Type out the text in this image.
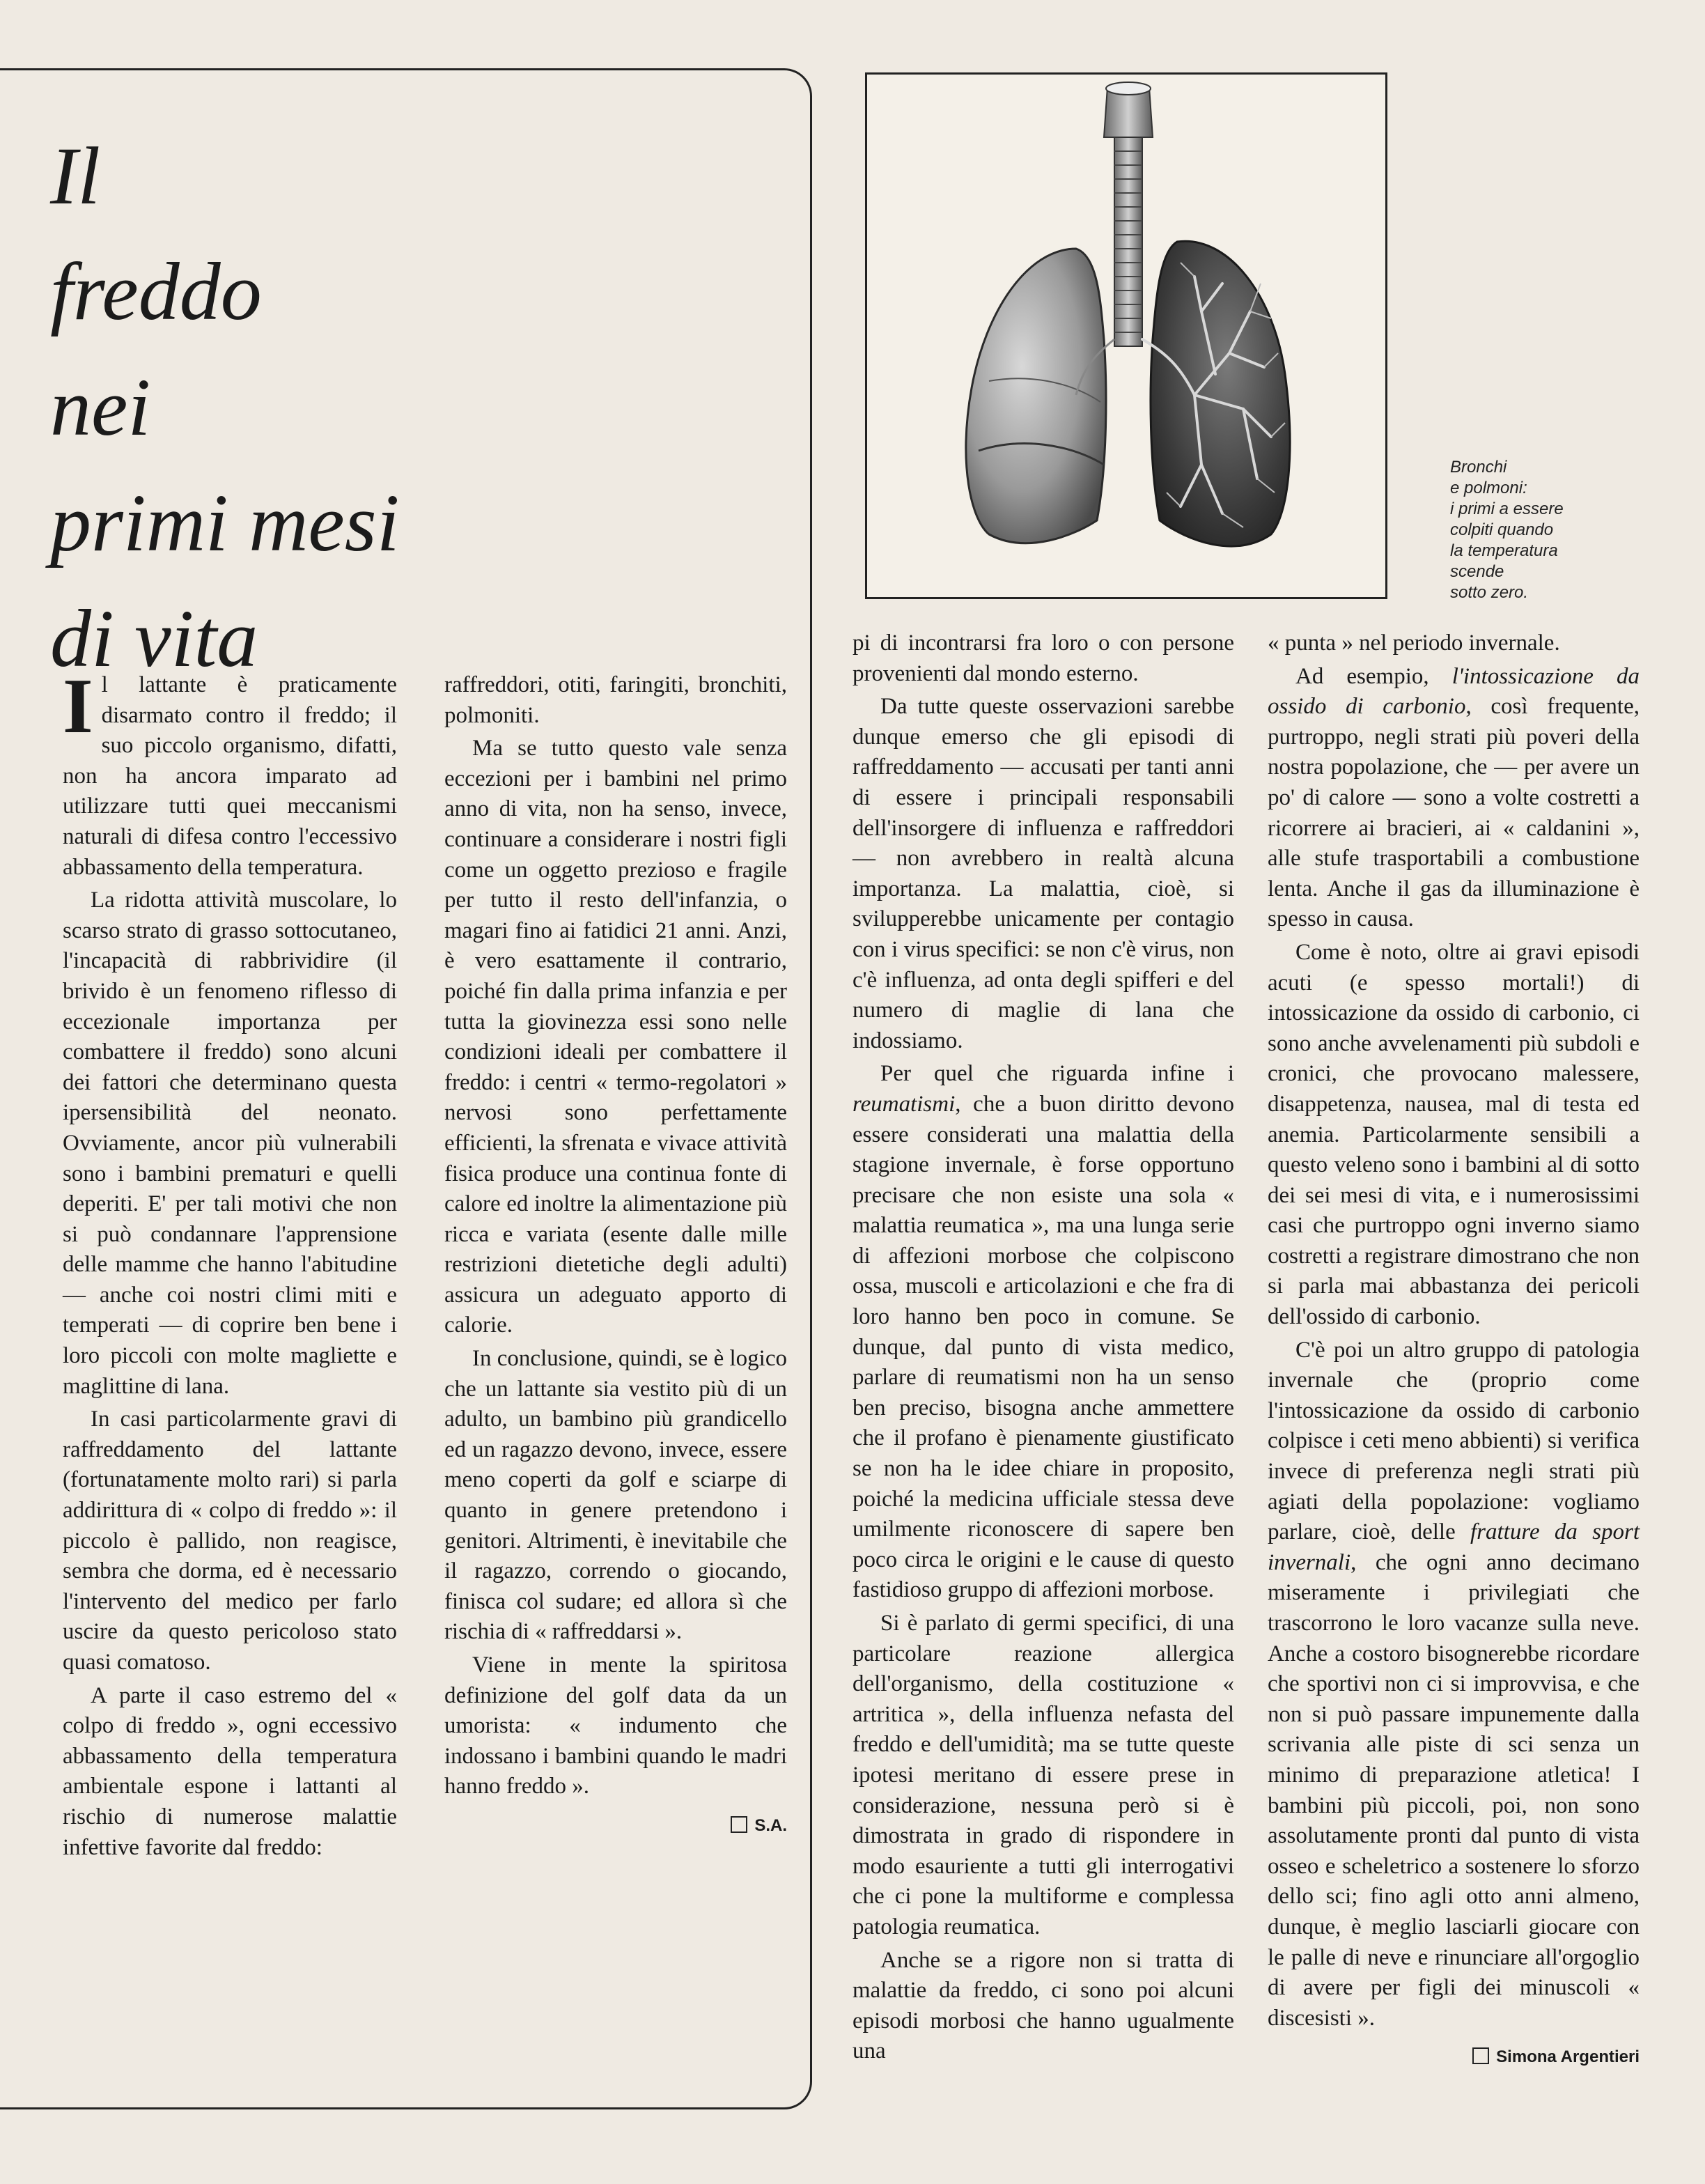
Il
freddo
nei
primi mesi
di vita
Bronchi
e polmoni:
i primi a essere
colpiti quando
la temperatura
scende
sotto zero.

Il lattante è praticamente disarmato contro il freddo; il suo piccolo organismo, difatti, non ha ancora imparato ad utilizzare tutti quei meccanismi naturali di difesa contro l'eccessivo abbassamento della temperatura.

La ridotta attività muscolare, lo scarso strato di grasso sottocutaneo, l'incapacità di rabbrividire (il brivido è un fenomeno riflesso di eccezionale importanza per combattere il freddo) sono alcuni dei fattori che determinano questa ipersensibilità del neonato. Ovviamente, ancor più vulnerabili sono i bambini prematuri e quelli deperiti. E' per tali motivi che non si può condannare l'apprensione delle mamme che hanno l'abitudine — anche coi nostri climi miti e temperati — di coprire ben bene i loro piccoli con molte magliette e maglittine di lana.

In casi particolarmente gravi di raffreddamento del lattante (fortunatamente molto rari) si parla addirittura di « colpo di freddo »: il piccolo è pallido, non reagisce, sembra che dorma, ed è necessario l'intervento del medico per farlo uscire da questo pericoloso stato quasi comatoso.

A parte il caso estremo del « colpo di freddo », ogni eccessivo abbassamento della temperatura ambientale espone i lattanti al rischio di numerose malattie infettive favorite dal freddo:

raffreddori, otiti, faringiti, bronchiti, polmoniti.

Ma se tutto questo vale senza eccezioni per i bambini nel primo anno di vita, non ha senso, invece, continuare a considerare i nostri figli come un oggetto prezioso e fragile per tutto il resto dell'infanzia, o magari fino ai fatidici 21 anni. Anzi, è vero esattamente il contrario, poiché fin dalla prima infanzia e per tutta la giovinezza essi sono nelle condizioni ideali per combattere il freddo: i centri « termo-regolatori » nervosi sono perfettamente efficienti, la sfrenata e vivace attività fisica produce una continua fonte di calore ed inoltre la alimentazione più ricca e variata (esente dalle mille restrizioni dietetiche degli adulti) assicura un adeguato apporto di calorie.

In conclusione, quindi, se è logico che un lattante sia vestito più di un adulto, un bambino più grandicello ed un ragazzo devono, invece, essere meno coperti da golf e sciarpe di quanto in genere pretendono i genitori. Altrimenti, è inevitabile che il ragazzo, correndo o giocando, finisca col sudare; ed allora sì che rischia di « raffreddarsi ».

Viene in mente la spiritosa definizione del golf data da un umorista: « indumento che indossano i bambini quando le madri hanno freddo ».

S.A.

pi di incontrarsi fra loro o con persone provenienti dal mondo esterno.

Da tutte queste osservazioni sarebbe dunque emerso che gli episodi di raffreddamento — accusati per tanti anni di essere i principali responsabili dell'insorgere di influenza e raffreddori — non avrebbero in realtà alcuna importanza. La malattia, cioè, si svilupperebbe unicamente per contagio con i virus specifici: se non c'è virus, non c'è influenza, ad onta degli spifferi e del numero di maglie di lana che indossiamo.

Per quel che riguarda infine i reumatismi, che a buon diritto devono essere considerati una malattia della stagione invernale, è forse opportuno precisare che non esiste una sola « malattia reumatica », ma una lunga serie di affezioni morbose che colpiscono ossa, muscoli e articolazioni e che fra di loro hanno ben poco in comune. Se dunque, dal punto di vista medico, parlare di reumatismi non ha un senso ben preciso, bisogna anche ammettere che il profano è pienamente giustificato se non ha le idee chiare in proposito, poiché la medicina ufficiale stessa deve umilmente riconoscere di sapere ben poco circa le origini e le cause di questo fastidioso gruppo di affezioni morbose.

Si è parlato di germi specifici, di una particolare reazione allergica dell'organismo, della costituzione « artritica », della influenza nefasta del freddo e dell'umidità; ma se tutte queste ipotesi meritano di essere prese in considerazione, nessuna però si è dimostrata in grado di rispondere in modo esauriente a tutti gli interrogativi che ci pone la multiforme e complessa patologia reumatica.

Anche se a rigore non si tratta di malattie da freddo, ci sono poi alcuni episodi morbosi che hanno ugualmente una

« punta » nel periodo invernale.

Ad esempio, l'intossicazione da ossido di carbonio, così frequente, purtroppo, negli strati più poveri della nostra popolazione, che — per avere un po' di calore — sono a volte costretti a ricorrere ai bracieri, ai « caldanini », alle stufe trasportabili a combustione lenta. Anche il gas da illuminazione è spesso in causa.

Come è noto, oltre ai gravi episodi acuti (e spesso mortali!) di intossicazione da ossido di carbonio, ci sono anche avvelenamenti più subdoli e cronici, che provocano malessere, disappetenza, nausea, mal di testa ed anemia. Particolarmente sensibili a questo veleno sono i bambini al di sotto dei sei mesi di vita, e i numerosissimi casi che purtroppo ogni inverno siamo costretti a registrare dimostrano che non si parla mai abbastanza dei pericoli dell'ossido di carbonio.

C'è poi un altro gruppo di patologia invernale che (proprio come l'intossicazione da ossido di carbonio colpisce i ceti meno abbienti) si verifica invece di preferenza negli strati più agiati della popolazione: vogliamo parlare, cioè, delle fratture da sport invernali, che ogni anno decimano miseramente i privilegiati che trascorrono le loro vacanze sulla neve. Anche a costoro bisognerebbe ricordare che sportivi non ci si improvvisa, e che non si può passare impunemente dalla scrivania alle piste di sci senza un minimo di preparazione atletica! I bambini più piccoli, poi, non sono assolutamente pronti dal punto di vista osseo e scheletrico a sostenere lo sforzo dello sci; fino agli otto anni almeno, dunque, è meglio lasciarli giocare con le palle di neve e rinunciare all'orgoglio di avere per figli dei minuscoli « discesisti ».

Simona Argentieri
